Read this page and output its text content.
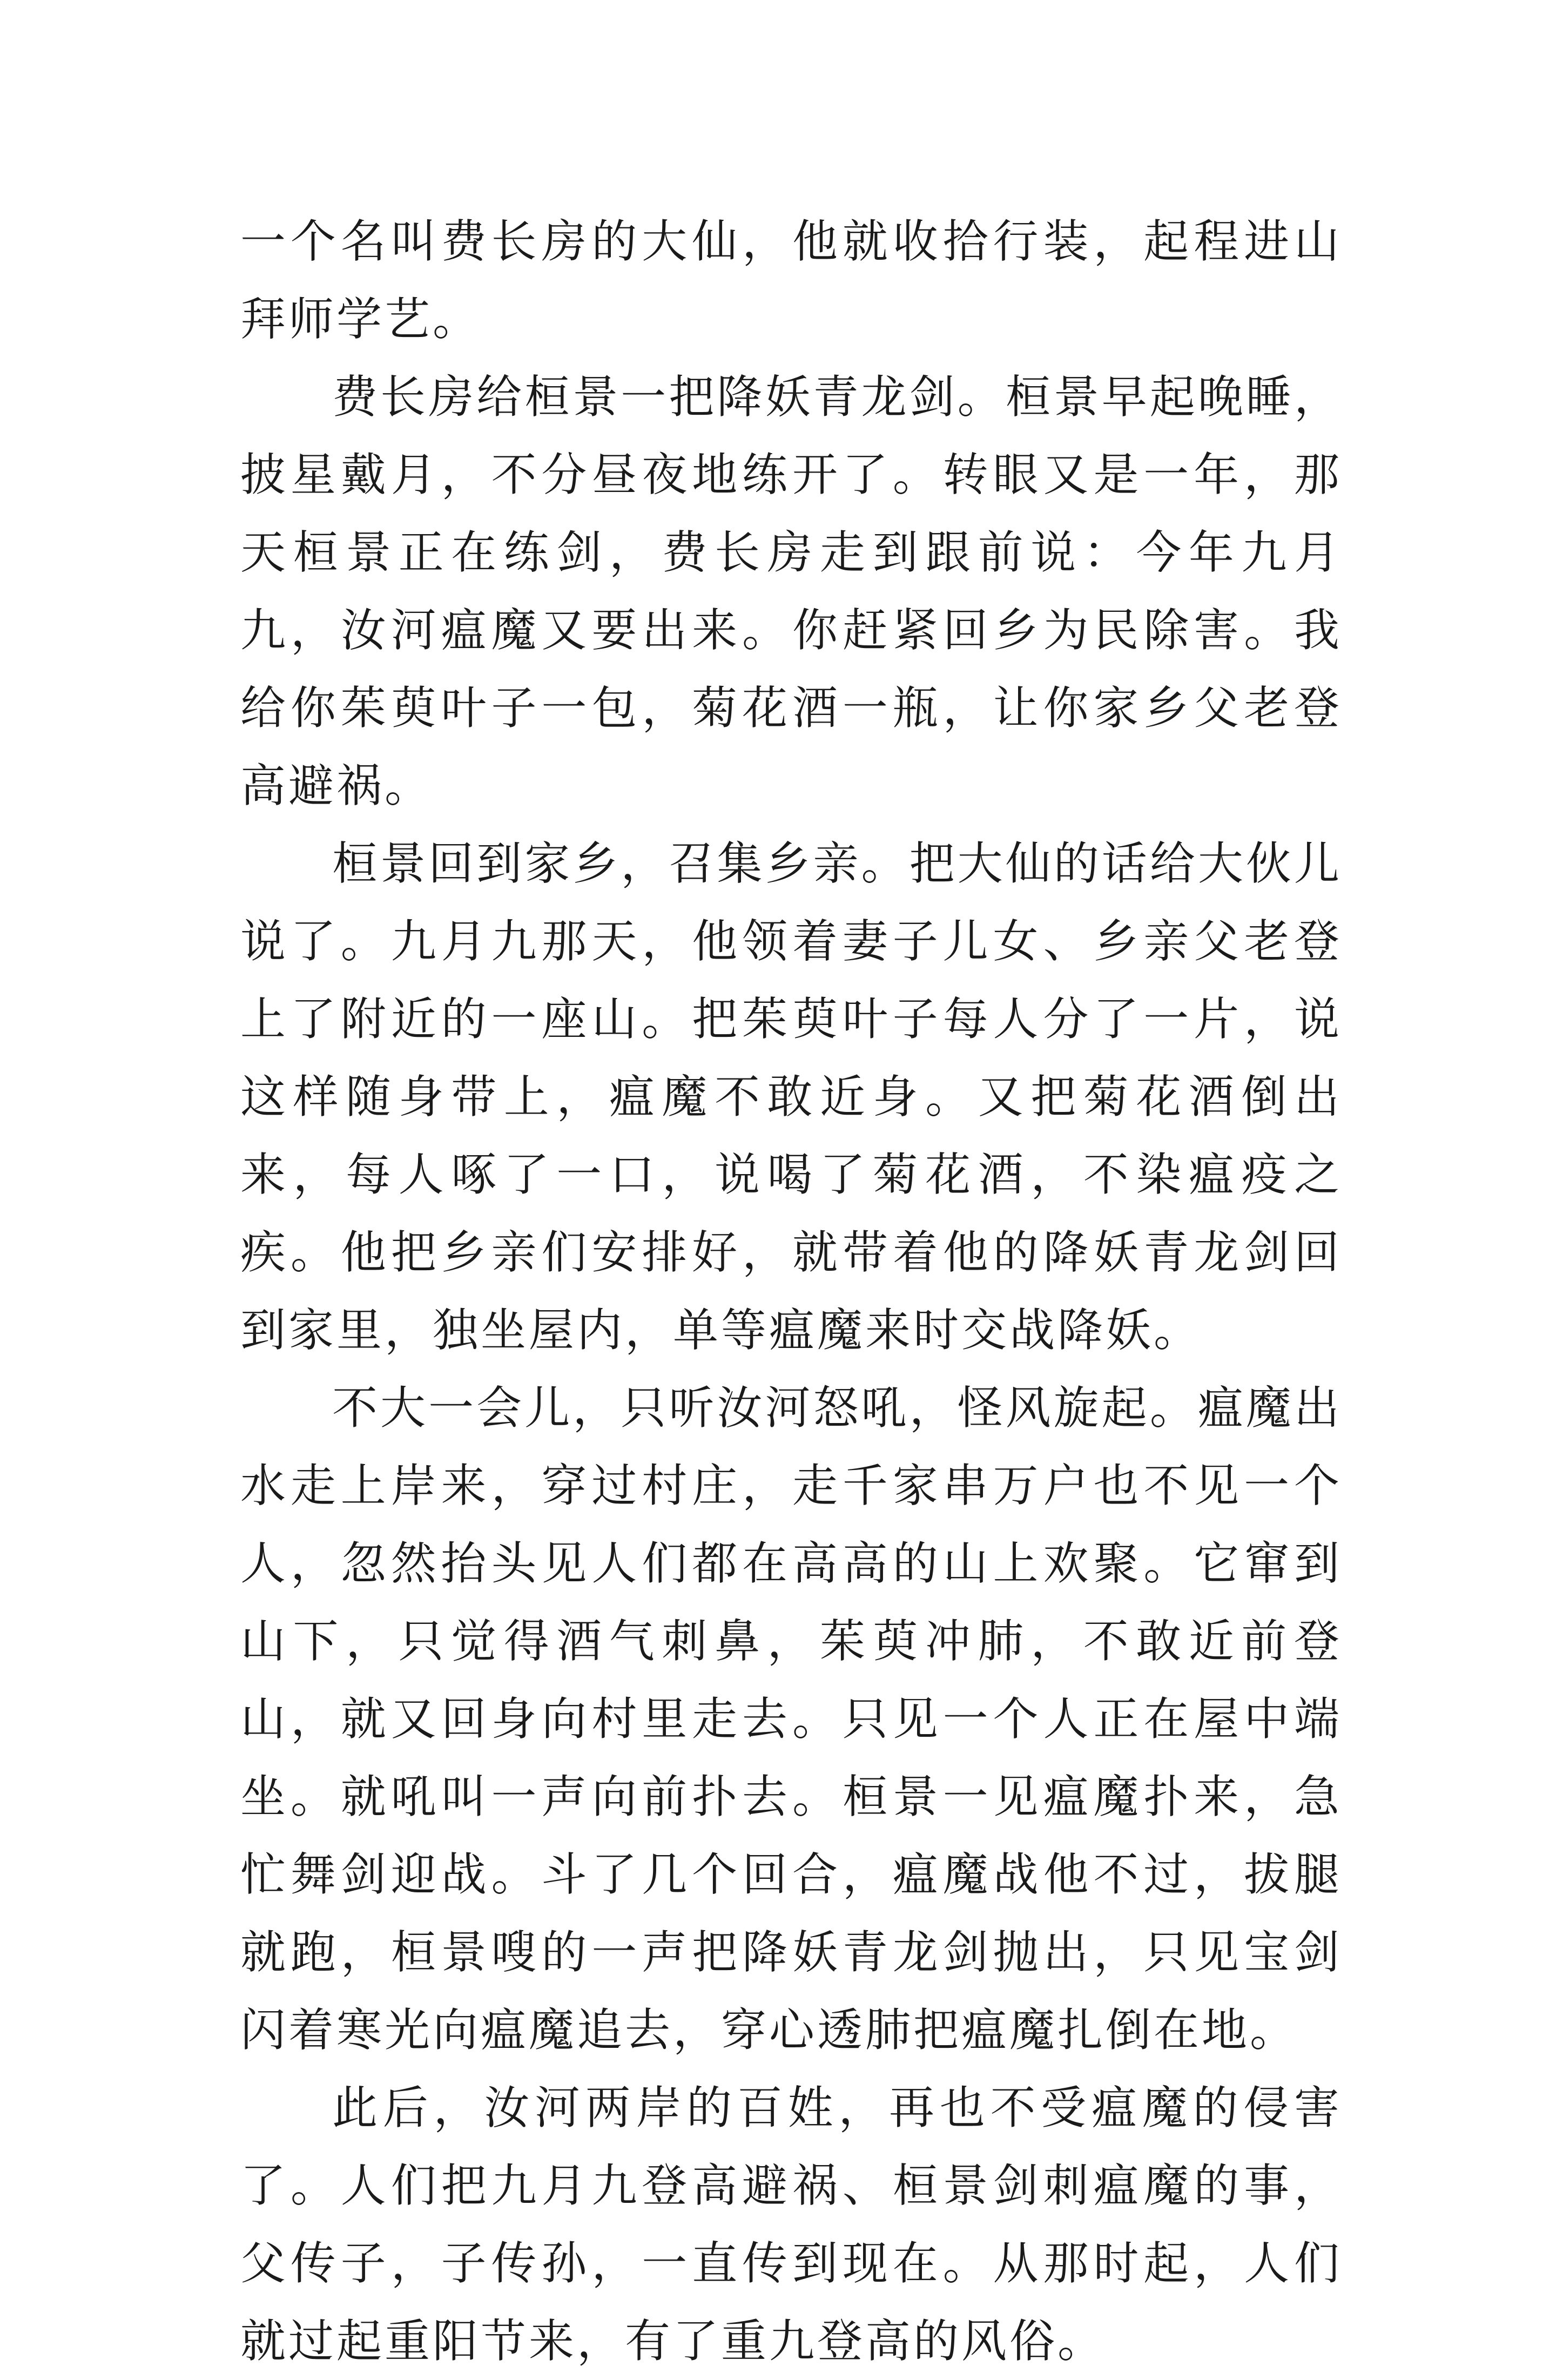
一个名叫费长房的大仙，他就收拾行装，起程进山拜师学艺。

费长房给桓景一把降妖青龙剑。桓景早起晚睡，披星戴月，不分昼夜地练开了。转眼又是一年，那天桓景正在练剑，费长房走到跟前说：今年九月九，汝河瘟魔又要出来。你赶紧回乡为民除害。我给你茱萸叶子一包，菊花酒一瓶，让你家乡父老登高避祸。

桓景回到家乡，召集乡亲。把大仙的话给大伙儿说了。九月九那天，他领着妻子儿女、乡亲父老登上了附近的一座山。把茱萸叶子每人分了一片，说这样随身带上，瘟魔不敢近身。又把菊花酒倒出来，每人啄了一口，说喝了菊花酒，不染瘟疫之疾。他把乡亲们安排好，就带着他的降妖青龙剑回到家里，独坐屋内，单等瘟魔来时交战降妖。

不大一会儿，只听汝河怒吼，怪风旋起。瘟魔出水走上岸来，穿过村庄，走千家串万户也不见一个人，忽然抬头见人们都在高高的山上欢聚。它窜到山下，只觉得酒气刺鼻，茱萸冲肺，不敢近前登山，就又回身向村里走去。只见一个人正在屋中端坐。就吼叫一声向前扑去。桓景一见瘟魔扑来，急忙舞剑迎战。斗了几个回合，瘟魔战他不过，拔腿就跑，桓景嗖的一声把降妖青龙剑抛出，只见宝剑闪着寒光向瘟魔追去，穿心透肺把瘟魔扎倒在地。

此后，汝河两岸的百姓，再也不受瘟魔的侵害了。人们把九月九登高避祸、桓景剑刺瘟魔的事，父传子，子传孙，一直传到现在。从那时起，人们就过起重阳节来，有了重九登高的风俗。
